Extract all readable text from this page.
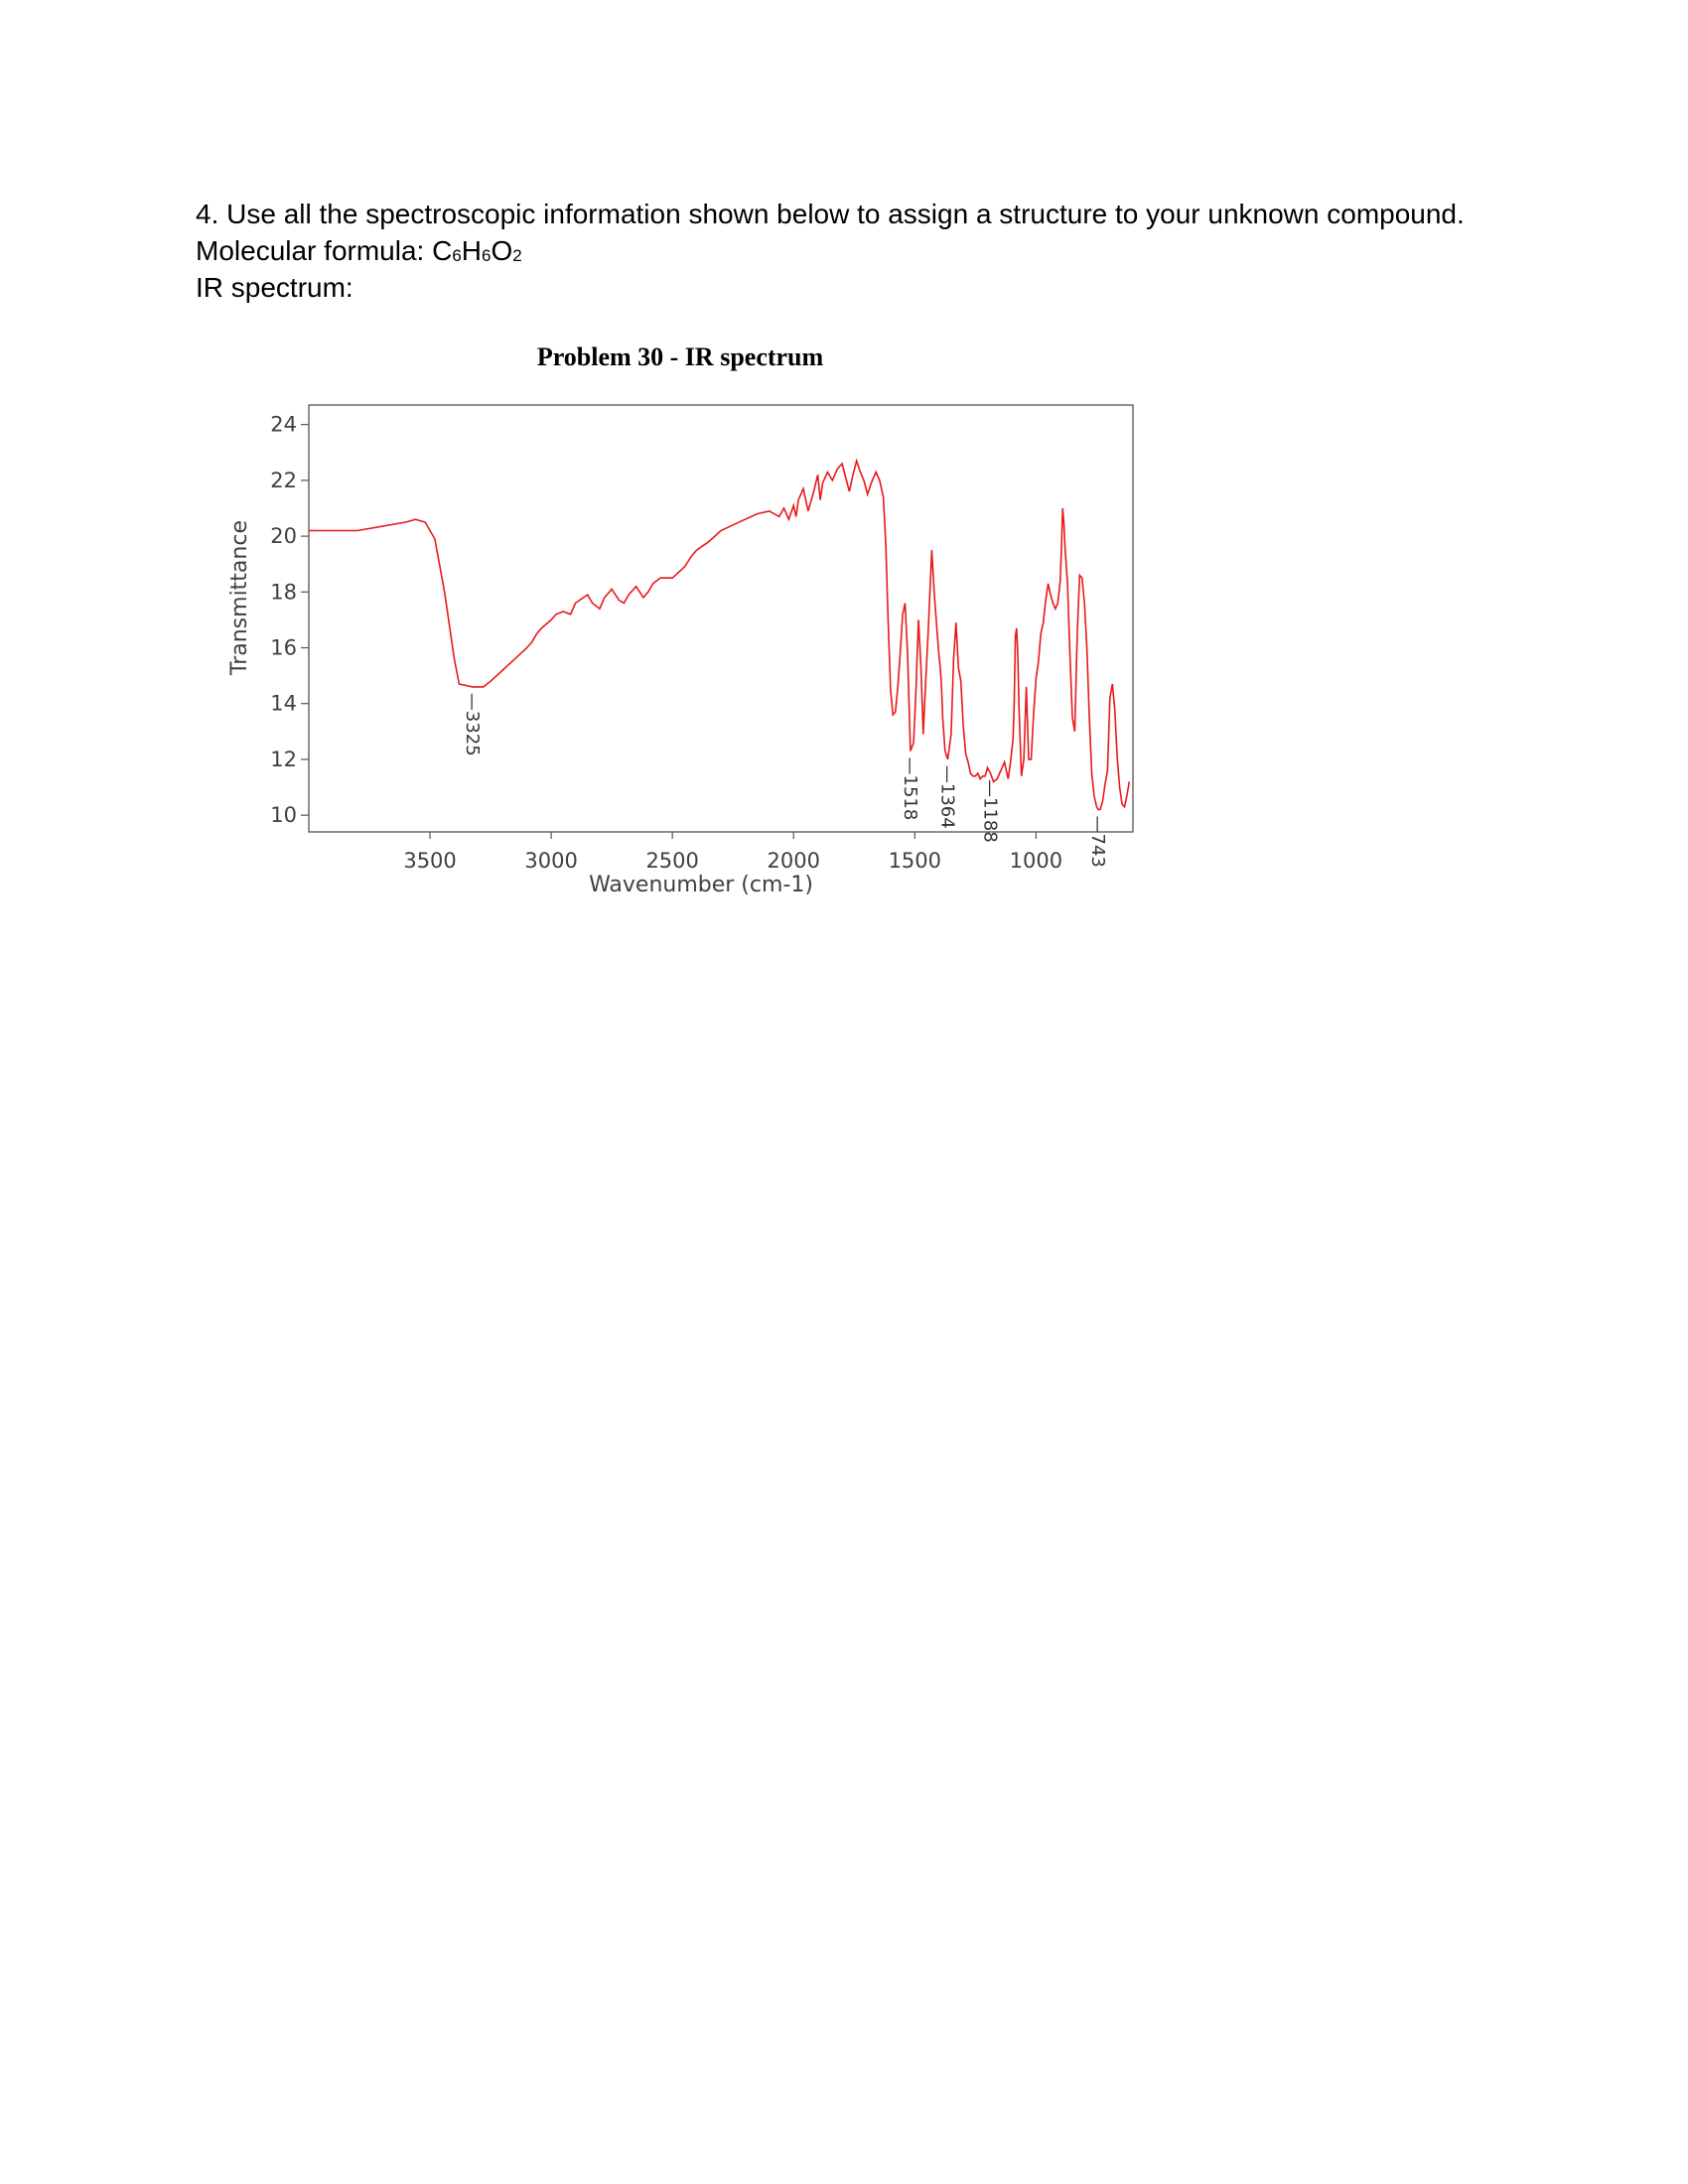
4. Use all the spectroscopic information shown below to assign a structure to your unknown compound.

Molecular formula: $C_6H_6O_2$

IR spectrum:

Problem 30 - IR spectrum
3500	3000	2500	2000	1500	1000
10
12
14
16
18
20
22
24
Wavenumber (cm-1)
Transmittance
—3325
—1518 —1364 —1188	—743
